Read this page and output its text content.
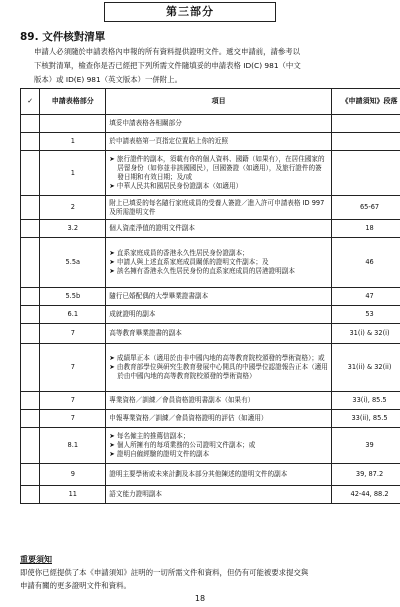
第三部分
89. 文件核對清單
申請人必須隨於申請表格內申報的所有資料提供證明文件。遞交申請前，請參考以
下核對清單，檢查你是否已經把下列所需文件隨填妥的申請表格 ID(C) 981（中文
版本）或 ID(E) 981（英文版本）一併附上。
✓	申請表格部分	項目	《申請須知》段落
		填妥申請表格各相關部分	
	1	於申請表格第一頁指定位置貼上你的近照	
	1	➤ 旅行證件的副本，須載有你的個人資料、國籍（如果有），在居住國家的居留身份（如你並非該國國民），回國簽證（如適用），及旅行證件的簽發日期和有效日期；及/或
➤ 中華人民共和國居民身份證副本（如適用）

	2	附上已填妥的每名隨行家庭成員的受養人簽證／進入許可申請表格 ID 997 及所需證明文件	65-67
	3.2	個人資產淨值的證明文件副本	18
	5.5a	➤ 直系家庭成員的香港永久性居民身份證副本；
➤ 申請人與上述直系家庭成員關係的證明文件副本；及
➤ 該名擁有香港永久性居民身份的直系家庭成員的居港證明副本	46
	5.5b	隨行已婚配偶的大學畢業證書副本	47
	6.1	成就證明的副本	53
	7	高等教育畢業證書的副本	31(i) & 32(i)
	7	➤ 成績單正本（適用於由非中國內地的高等教育院校頒發的學術資格）；或
➤ 由教育部學位與研究生教育發展中心開具的中國學位認證報告正本（適用於由中國內地的高等教育院校頒發的學術資格）	31(ii) & 32(ii)
	7	專業資格／訓練／會員資格證明書副本（如果有）	33(i), 85.5
	7	申報專業資格／訓練／會員資格證明的評估（如適用）	33(ii), 85.5
	8.1	➤ 每名僱主的推薦信副本；
➤ 個人所擁有的每項業務的公司證明文件副本；或
➤ 證明自僱經驗的證明文件的副本	39
	9	證明主要學術或未來計劃及本部分其他陳述的證明文件的副本	39, 87.2
	11	語文能力證明副本	42-44, 88.2
重要須知
即使你已經提供了本《申請須知》註明的一切所需文件和資料，但仍有可能被要求提交與
申請有關的更多證明文件和資料。
18
